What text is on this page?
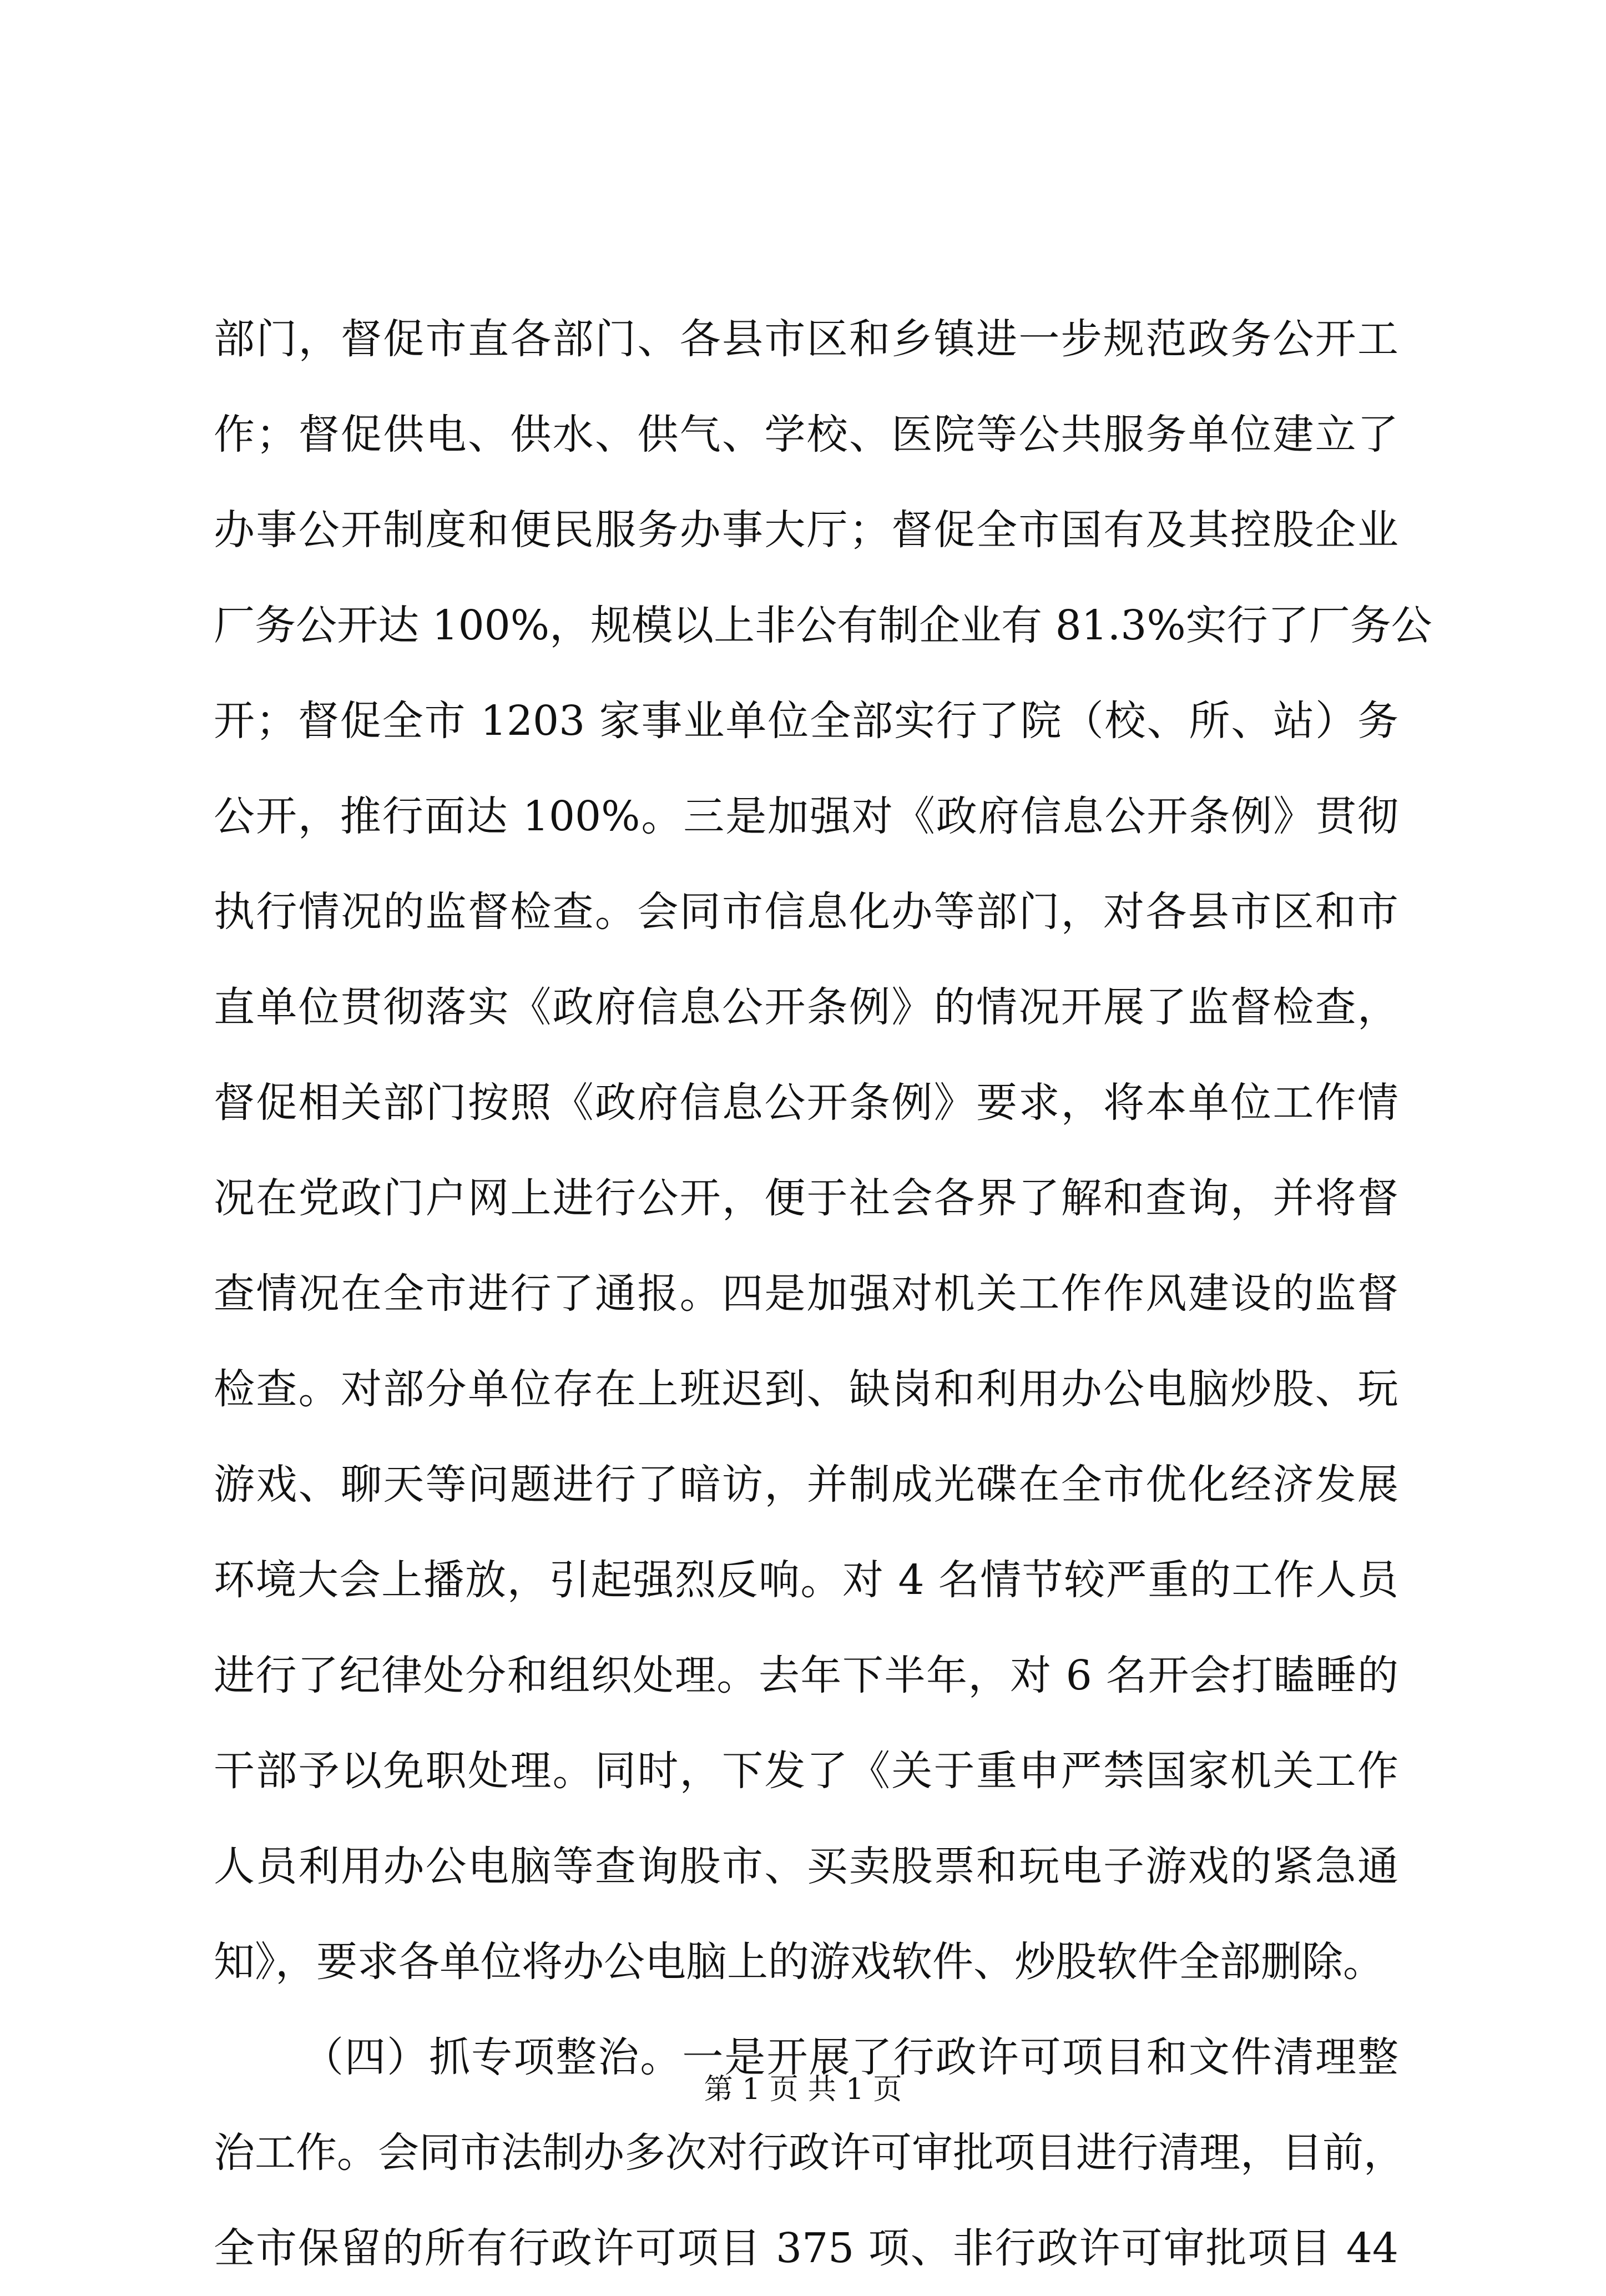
部门，督促市直各部门、各县市区和乡镇进一步规范政务公开工
作；督促供电、供水、供气、学校、医院等公共服务单位建立了
办事公开制度和便民服务办事大厅；督促全市国有及其控股企业
厂务公开达 100%，规模以上非公有制企业有 81.3%实行了厂务公
开；督促全市 1203 家事业单位全部实行了院（校、所、站）务
公开，推行面达 100%。三是加强对《政府信息公开条例》贯彻
执行情况的监督检查。会同市信息化办等部门，对各县市区和市
直单位贯彻落实《政府信息公开条例》的情况开展了监督检查，
督促相关部门按照《政府信息公开条例》要求，将本单位工作情
况在党政门户网上进行公开，便于社会各界了解和查询，并将督
查情况在全市进行了通报。四是加强对机关工作作风建设的监督
检查。对部分单位存在上班迟到、缺岗和利用办公电脑炒股、玩
游戏、聊天等问题进行了暗访，并制成光碟在全市优化经济发展
环境大会上播放，引起强烈反响。对 4 名情节较严重的工作人员
进行了纪律处分和组织处理。去年下半年，对 6 名开会打瞌睡的
干部予以免职处理。同时，下发了《关于重申严禁国家机关工作
人员利用办公电脑等查询股市、买卖股票和玩电子游戏的紧急通
知》，要求各单位将办公电脑上的游戏软件、炒股软件全部删除。
（四）抓专项整治。一是开展了行政许可项目和文件清理整
治工作。会同市法制办多次对行政许可审批项目进行清理，目前，
全市保留的所有行政许可项目 375 项、非行政许可审批项目 44
第 1 页 共 1 页
